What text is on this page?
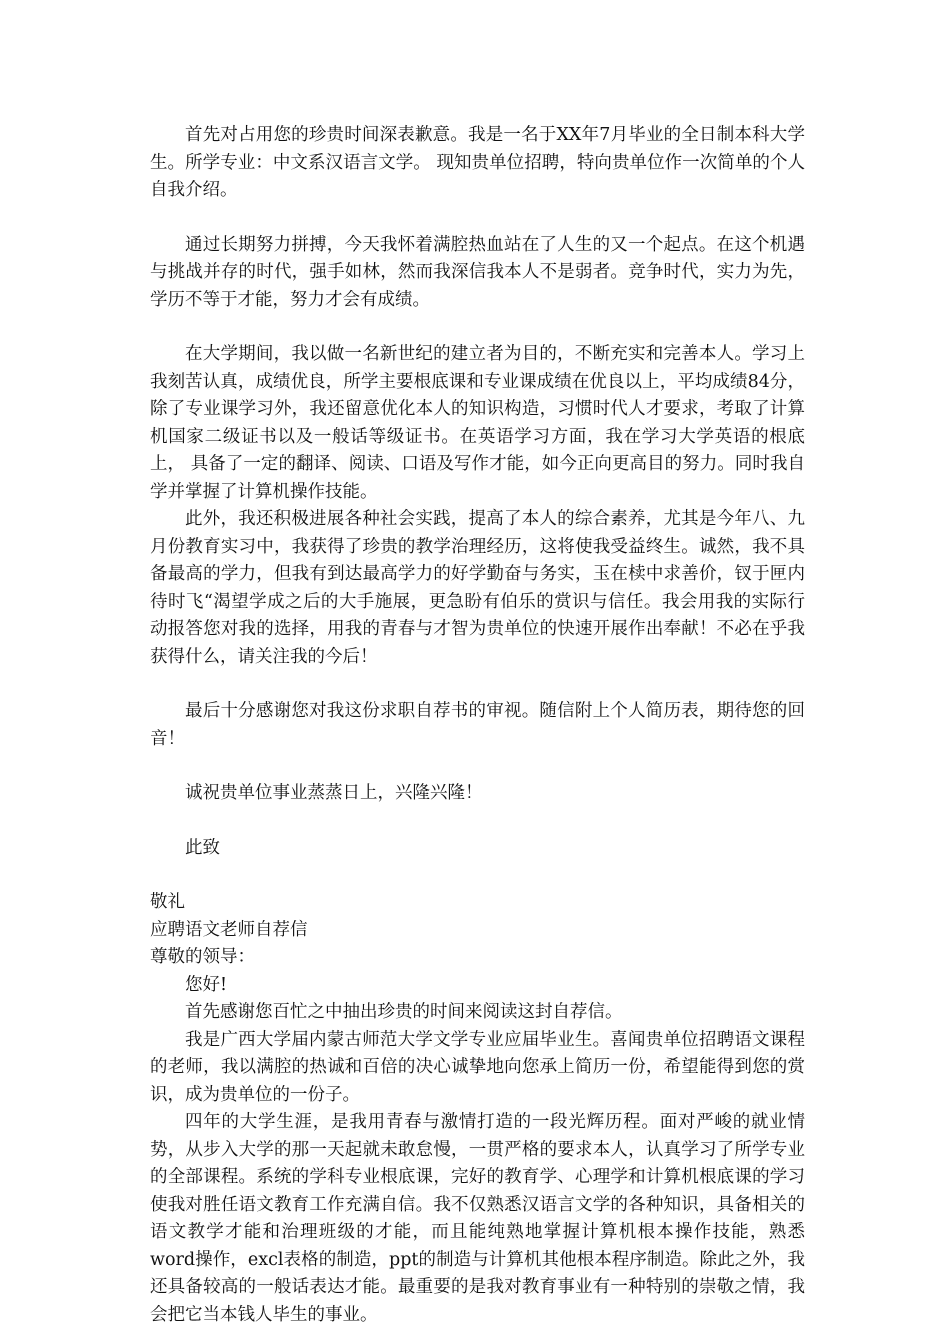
首先对占用您的珍贵时间深表歉意。我是一名于XX年7月毕业的全日制本科大学生。所学专业：中文系汉语言文学。 现知贵单位招聘，特向贵单位作一次简单的个人自我介绍。

通过长期努力拼搏，今天我怀着满腔热血站在了人生的又一个起点。在这个机遇与挑战并存的时代，强手如林，然而我深信我本人不是弱者。竞争时代，实力为先，学历不等于才能，努力才会有成绩。

在大学期间，我以做一名新世纪的建立者为目的，不断充实和完善本人。学习上我刻苦认真，成绩优良，所学主要根底课和专业课成绩在优良以上，平均成绩84分，除了专业课学习外，我还留意优化本人的知识构造，习惯时代人才要求，考取了计算机国家二级证书以及一般话等级证书。在英语学习方面，我在学习大学英语的根底上， 具备了一定的翻译、阅读、口语及写作才能，如今正向更高目的努力。同时我自学并掌握了计算机操作技能。

此外，我还积极进展各种社会实践，提高了本人的综合素养，尤其是今年八、九月份教育实习中，我获得了珍贵的教学治理经历，这将使我受益终生。诚然，我不具备最高的学力，但我有到达最高学力的好学勤奋与务实，玉在椟中求善价，钗于匣内待时飞“渴望学成之后的大手施展，更急盼有伯乐的赏识与信任。我会用我的实际行动报答您对我的选择，用我的青春与才智为贵单位的快速开展作出奉献！不必在乎我获得什么，请关注我的今后！

最后十分感谢您对我这份求职自荐书的审视。随信附上个人简历表，期待您的回音！

诚祝贵单位事业蒸蒸日上，兴隆兴隆！

此致

敬礼

应聘语文老师自荐信

尊敬的领导：

您好!

首先感谢您百忙之中抽出珍贵的时间来阅读这封自荐信。

我是广西大学届内蒙古师范大学文学专业应届毕业生。喜闻贵单位招聘语文课程的老师，我以满腔的热诚和百倍的决心诚挚地向您承上简历一份，希望能得到您的赏识，成为贵单位的一份子。

四年的大学生涯，是我用青春与激情打造的一段光辉历程。面对严峻的就业情势，从步入大学的那一天起就未敢怠慢，一贯严格的要求本人，认真学习了所学专业的全部课程。系统的学科专业根底课，完好的教育学、心理学和计算机根底课的学习使我对胜任语文教育工作充满自信。我不仅熟悉汉语言文学的各种知识，具备相关的语文教学才能和治理班级的才能，而且能纯熟地掌握计算机根本操作技能，熟悉word操作，excl表格的制造，ppt的制造与计算机其他根本程序制造。除此之外，我还具备较高的一般话表达才能。最重要的是我对教育事业有一种特别的崇敬之情，我会把它当本钱人毕生的事业。
